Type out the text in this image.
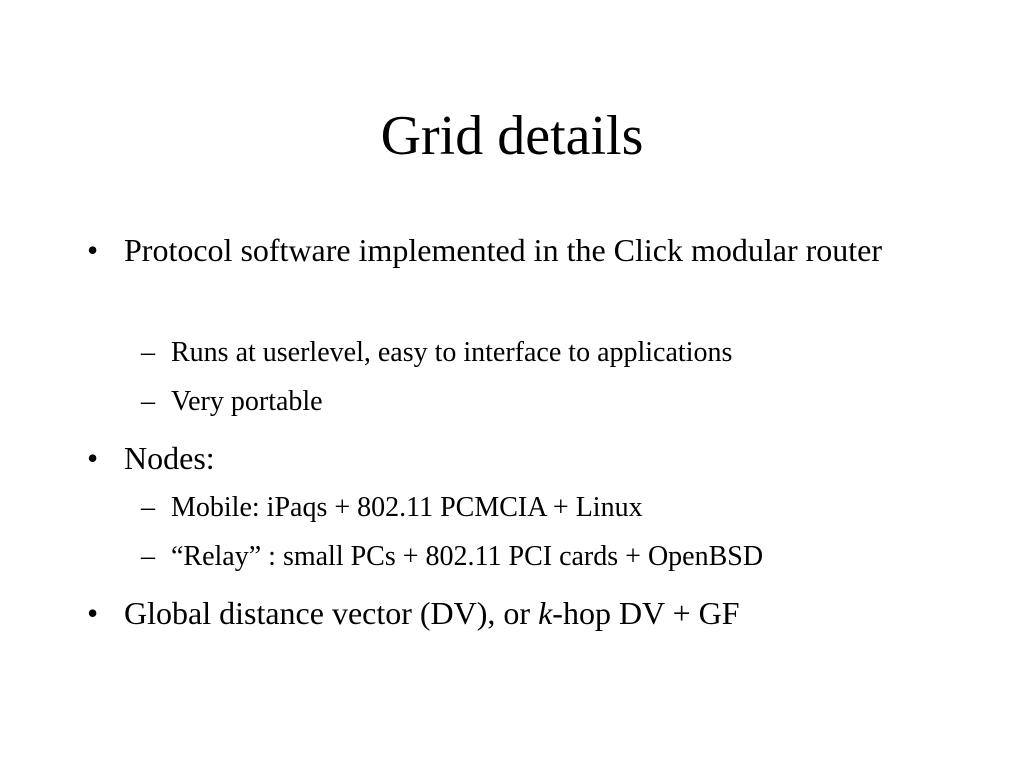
Grid details
• Protocol software implemented in the Click modular router
– Runs at userlevel, easy to interface to applications
– Very portable
• Nodes:
– Mobile: iPaqs + 802.11 PCMCIA + Linux
– “Relay” : small PCs + 802.11 PCI cards + OpenBSD
• Global distance vector (DV), or k-hop DV + GF
